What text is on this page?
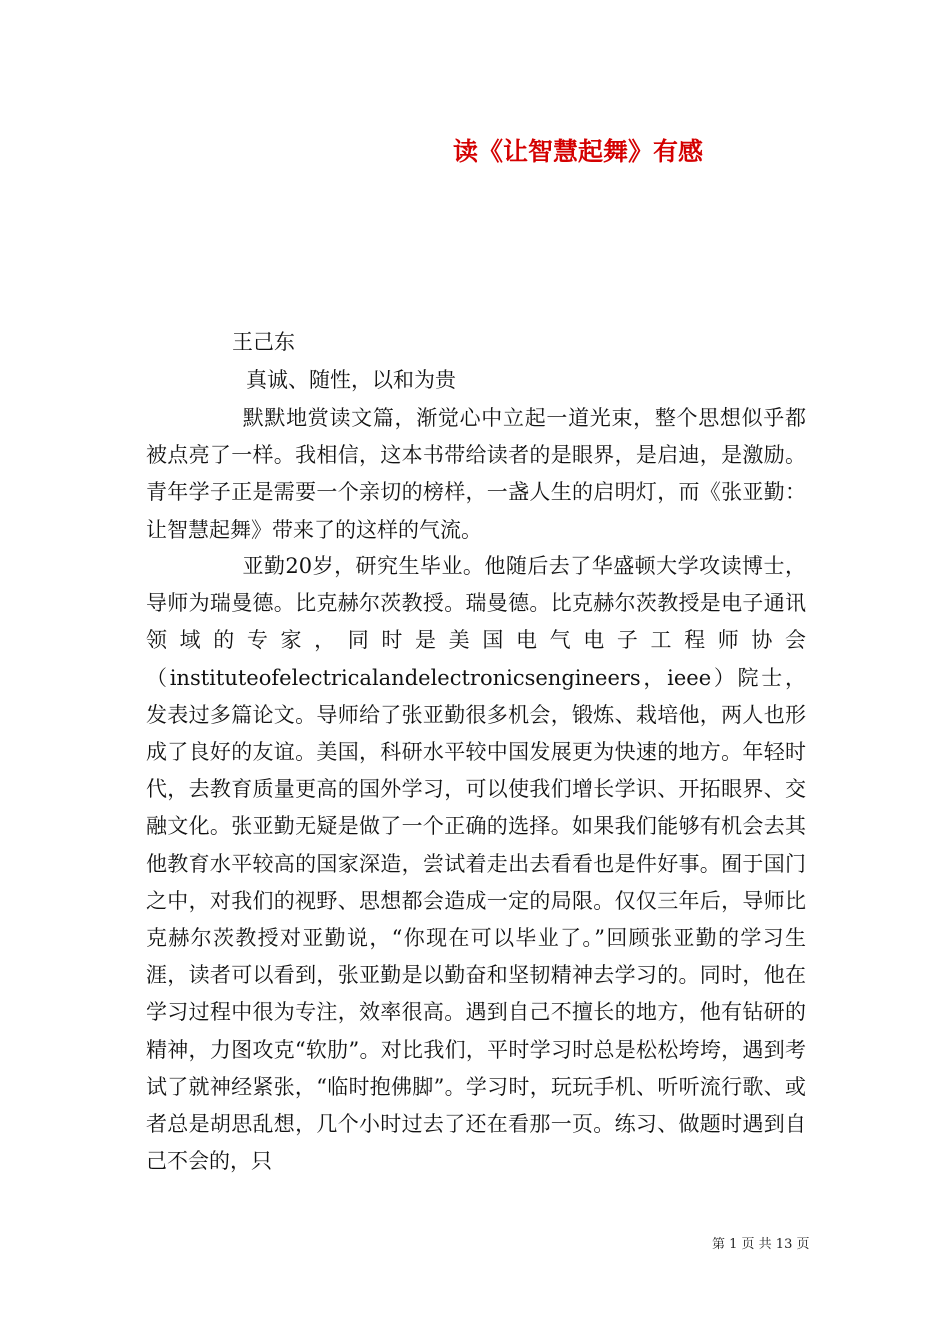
读《让智慧起舞》有感

王己东

真诚、随性，以和为贵

默默地赏读文篇，渐觉心中立起一道光束，整个思想似乎都被点亮了一样。我相信，这本书带给读者的是眼界，是启迪，是激励。青年学子正是需要一个亲切的榜样，一盏人生的启明灯，而《张亚勤：让智慧起舞》带来了的这样的气流。

亚勤20岁，研究生毕业。他随后去了华盛顿大学攻读博士，导师为瑞曼德。比克赫尔茨教授。瑞曼德。比克赫尔茨教授是电子通讯领域的专家，同时是美国电气电子工程师协会（instituteofelectricalandelectronicsengineers，ieee）院士，发表过多篇论文。导师给了张亚勤很多机会，锻炼、栽培他，两人也形成了良好的友谊。美国，科研水平较中国发展更为快速的地方。年轻时代，去教育质量更高的国外学习，可以使我们增长学识、开拓眼界、交融文化。张亚勤无疑是做了一个正确的选择。如果我们能够有机会去其他教育水平较高的国家深造，尝试着走出去看看也是件好事。囿于国门之中，对我们的视野、思想都会造成一定的局限。仅仅三年后，导师比克赫尔茨教授对亚勤说，“你现在可以毕业了。”回顾张亚勤的学习生涯，读者可以看到，张亚勤是以勤奋和坚韧精神去学习的。同时，他在学习过程中很为专注，效率很高。遇到自己不擅长的地方，他有钻研的精神，力图攻克“软肋”。对比我们，平时学习时总是松松垮垮，遇到考试了就神经紧张，“临时抱佛脚”。学习时，玩玩手机、听听流行歌、或者总是胡思乱想，几个小时过去了还在看那一页。练习、做题时遇到自己不会的，只

第 1 页 共 13 页
